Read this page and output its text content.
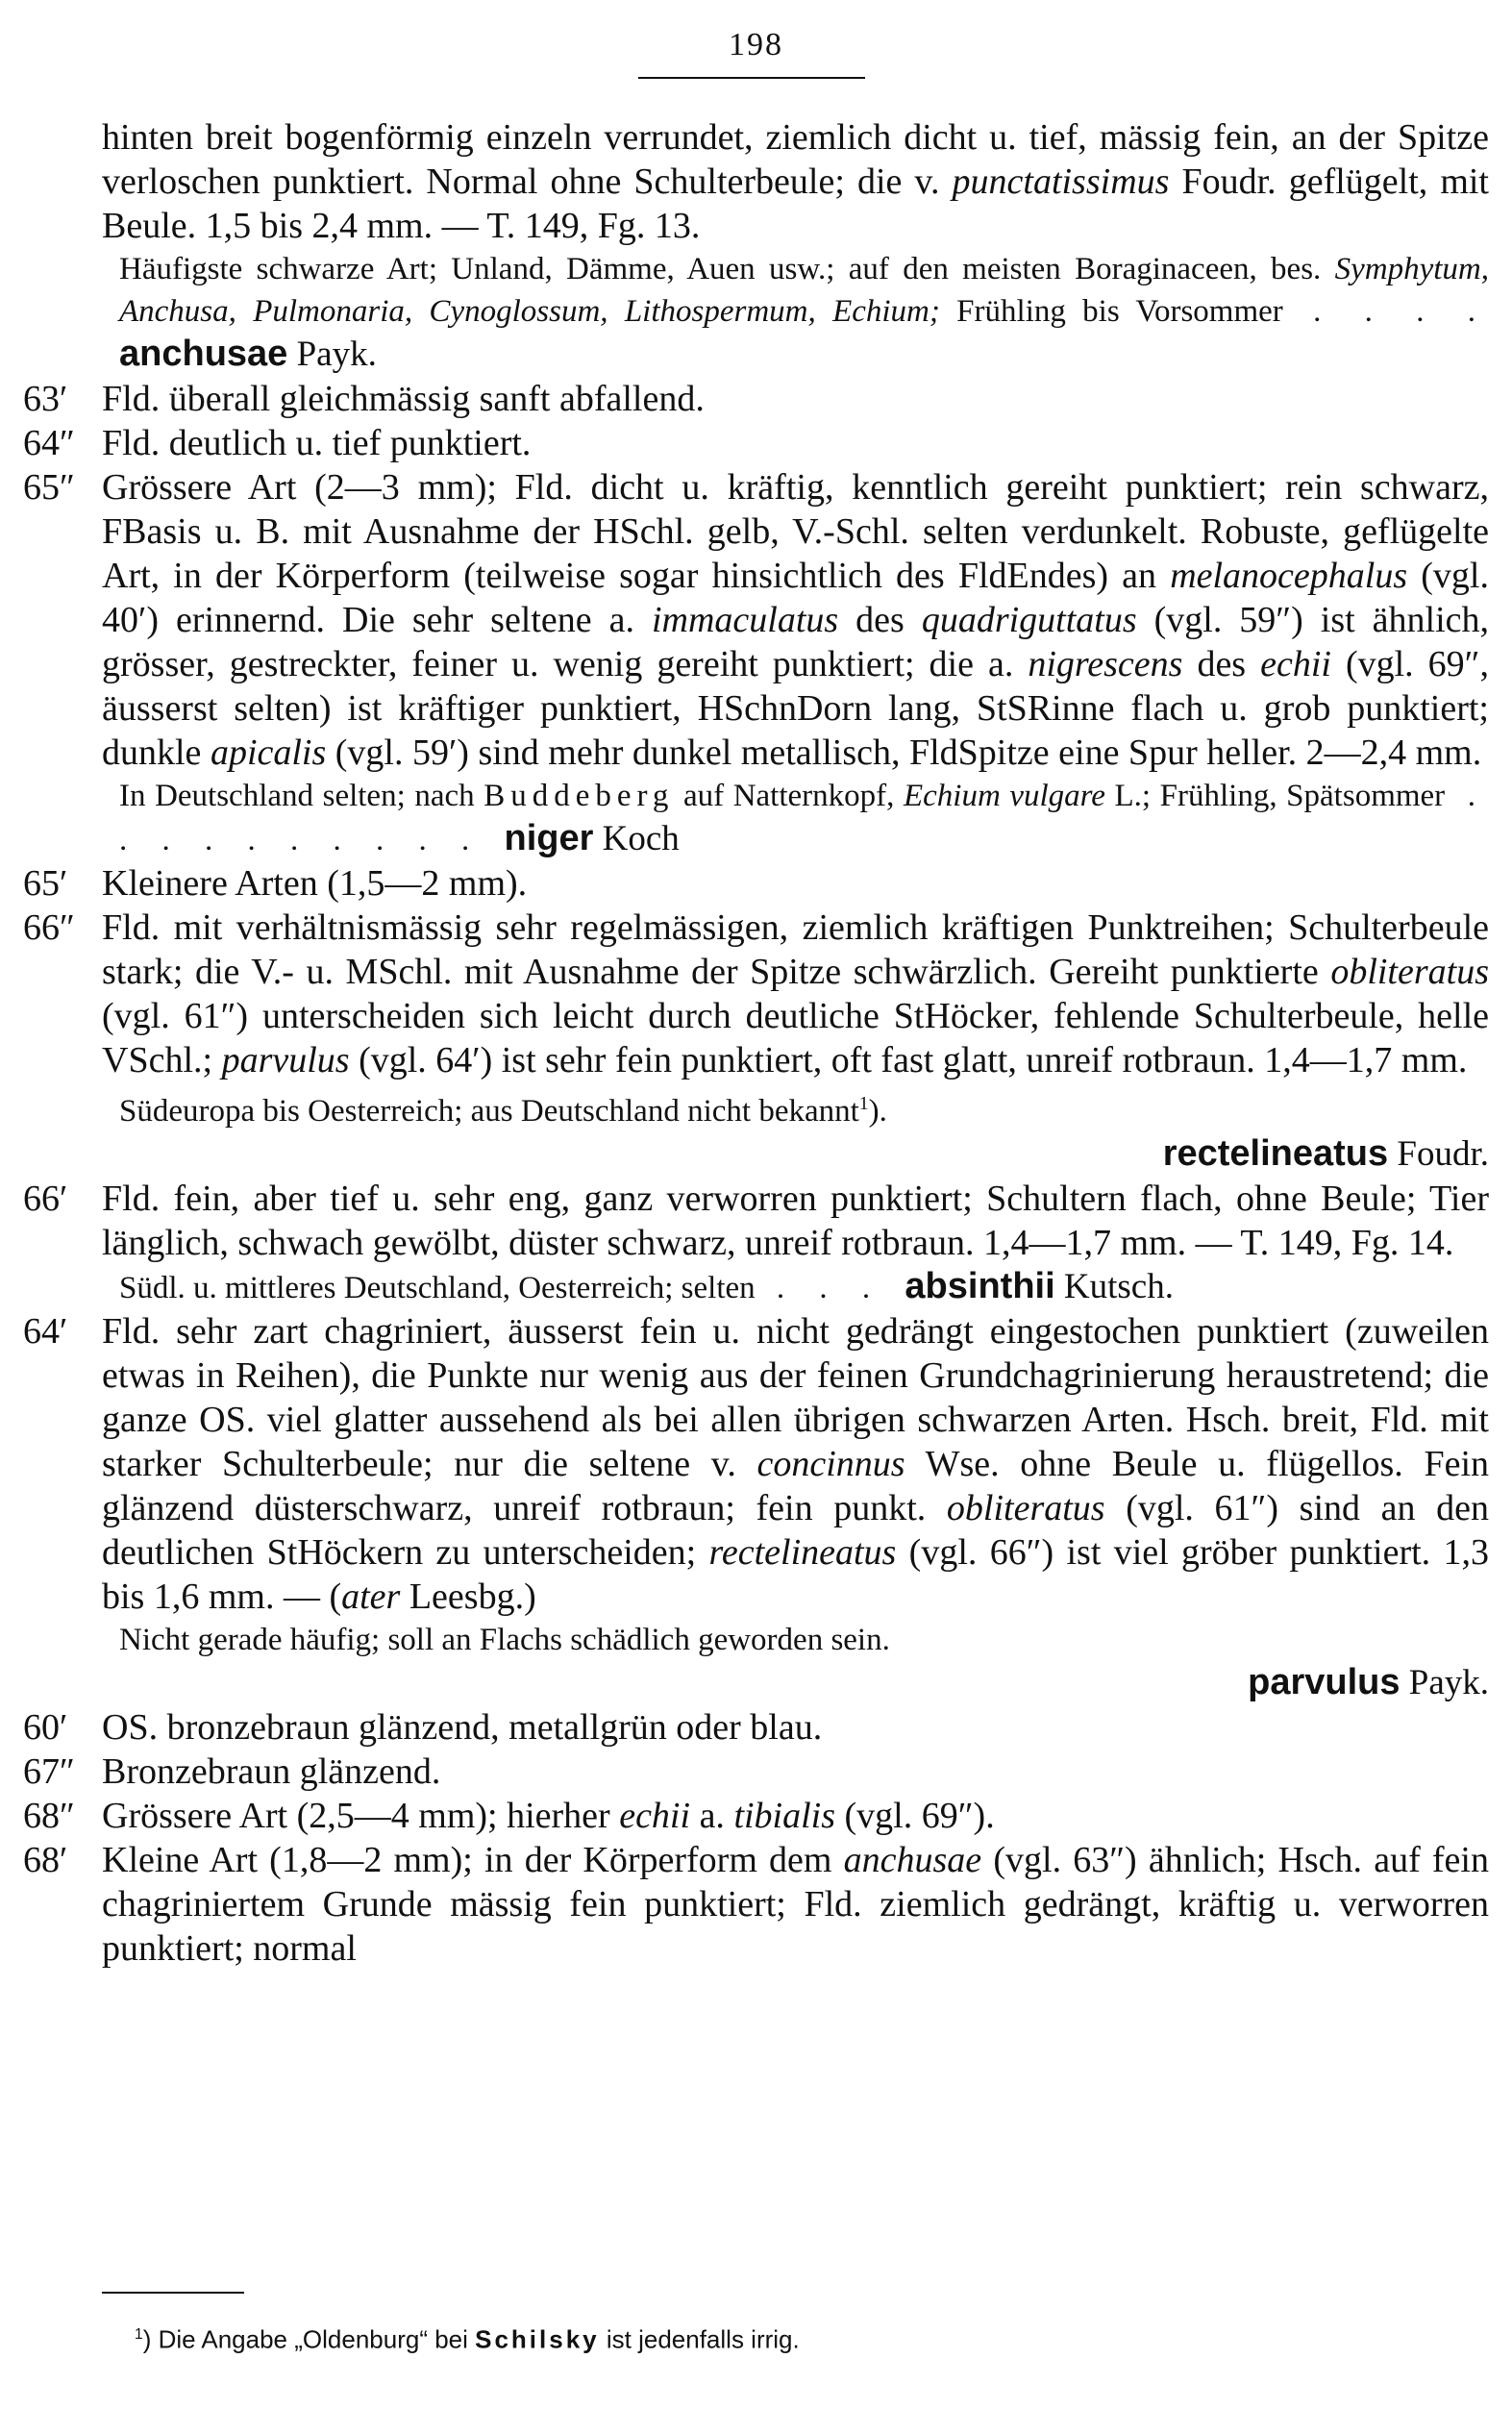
198
hinten breit bogenförmig einzeln verrundet, ziemlich dicht u. tief, mässig fein, an der Spitze verloschen punktiert. Normal ohne Schulterbeule; die v. punctatissimus Foudr. geflügelt, mit Beule. 1,5 bis 2,4 mm. — T. 149, Fg. 13.
Häufigste schwarze Art; Unland, Dämme, Auen usw.; auf den meisten Boraginaceen, bes. Symphytum, Anchusa, Pulmonaria, Cynoglossum, Lithospermum, Echium; Frühling bis Vorsommer . . . . anchusae Payk.
63′ Fld. überall gleichmässig sanft abfallend.
64″ Fld. deutlich u. tief punktiert.
65″ Grössere Art (2—3 mm); Fld. dicht u. kräftig, kenntlich gereiht punktiert; rein schwarz, FBasis u. B. mit Ausnahme der HSchl. gelb, V.-Schl. selten verdunkelt. Robuste, geflügelte Art, in der Körperform (teilweise sogar hinsichtlich des FldEndes) an melanocephalus (vgl. 40′) erinnernd. Die sehr seltene a. immaculatus des quadriguttatus (vgl. 59″) ist ähnlich, grösser, gestreckter, feiner u. wenig gereiht punktiert; die a. nigrescens des echii (vgl. 69″, äusserst selten) ist kräftiger punktiert, HSchnDorn lang, StSRinne flach u. grob punktiert; dunkle apicalis (vgl. 59′) sind mehr dunkel metallisch, FldSpitze eine Spur heller. 2—2,4 mm.
In Deutschland selten; nach Buddeberg auf Natternkopf, Echium vulgare L.; Frühling, Spätsommer . . . . . . . . . . niger Koch
65′ Kleinere Arten (1,5—2 mm).
66″ Fld. mit verhältnismässig sehr regelmässigen, ziemlich kräftigen Punktreihen; Schulterbeule stark; die V.- u. MSchl. mit Ausnahme der Spitze schwärzlich. Gereiht punktierte obliteratus (vgl. 61″) unterscheiden sich leicht durch deutliche StHöcker, fehlende Schulterbeule, helle VSchl.; parvulus (vgl. 64′) ist sehr fein punktiert, oft fast glatt, unreif rotbraun. 1,4—1,7 mm.
Südeuropa bis Oesterreich; aus Deutschland nicht bekannt$^1$).
rectelineatus Foudr.
66′ Fld. fein, aber tief u. sehr eng, ganz verworren punktiert; Schultern flach, ohne Beule; Tier länglich, schwach gewölbt, düster schwarz, unreif rotbraun. 1,4—1,7 mm. — T. 149, Fg. 14.
Südl. u. mittleres Deutschland, Oesterreich; selten . . . absinthii Kutsch.
64′ Fld. sehr zart chagriniert, äusserst fein u. nicht gedrängt eingestochen punktiert (zuweilen etwas in Reihen), die Punkte nur wenig aus der feinen Grundchagrinierung heraustretend; die ganze OS. viel glatter aussehend als bei allen übrigen schwarzen Arten. Hsch. breit, Fld. mit starker Schulterbeule; nur die seltene v. concinnus Wse. ohne Beule u. flügellos. Fein glänzend düsterschwarz, unreif rotbraun; fein punkt. obliteratus (vgl. 61″) sind an den deutlichen StHöckern zu unterscheiden; rectelineatus (vgl. 66″) ist viel gröber punktiert. 1,3 bis 1,6 mm. — (ater Leesbg.)
Nicht gerade häufig; soll an Flachs schädlich geworden sein.
parvulus Payk.
60′ OS. bronzebraun glänzend, metallgrün oder blau.
67″ Bronzebraun glänzend.
68″ Grössere Art (2,5—4 mm); hierher echii a. tibialis (vgl. 69″).
68′ Kleine Art (1,8—2 mm); in der Körperform dem anchusae (vgl. 63″) ähnlich; Hsch. auf fein chagriniertem Grunde mässig fein punktiert; Fld. ziemlich gedrängt, kräftig u. verworren punktiert; normal
$^1$) Die Angabe „Oldenburg“ bei Schilsky ist jedenfalls irrig.
